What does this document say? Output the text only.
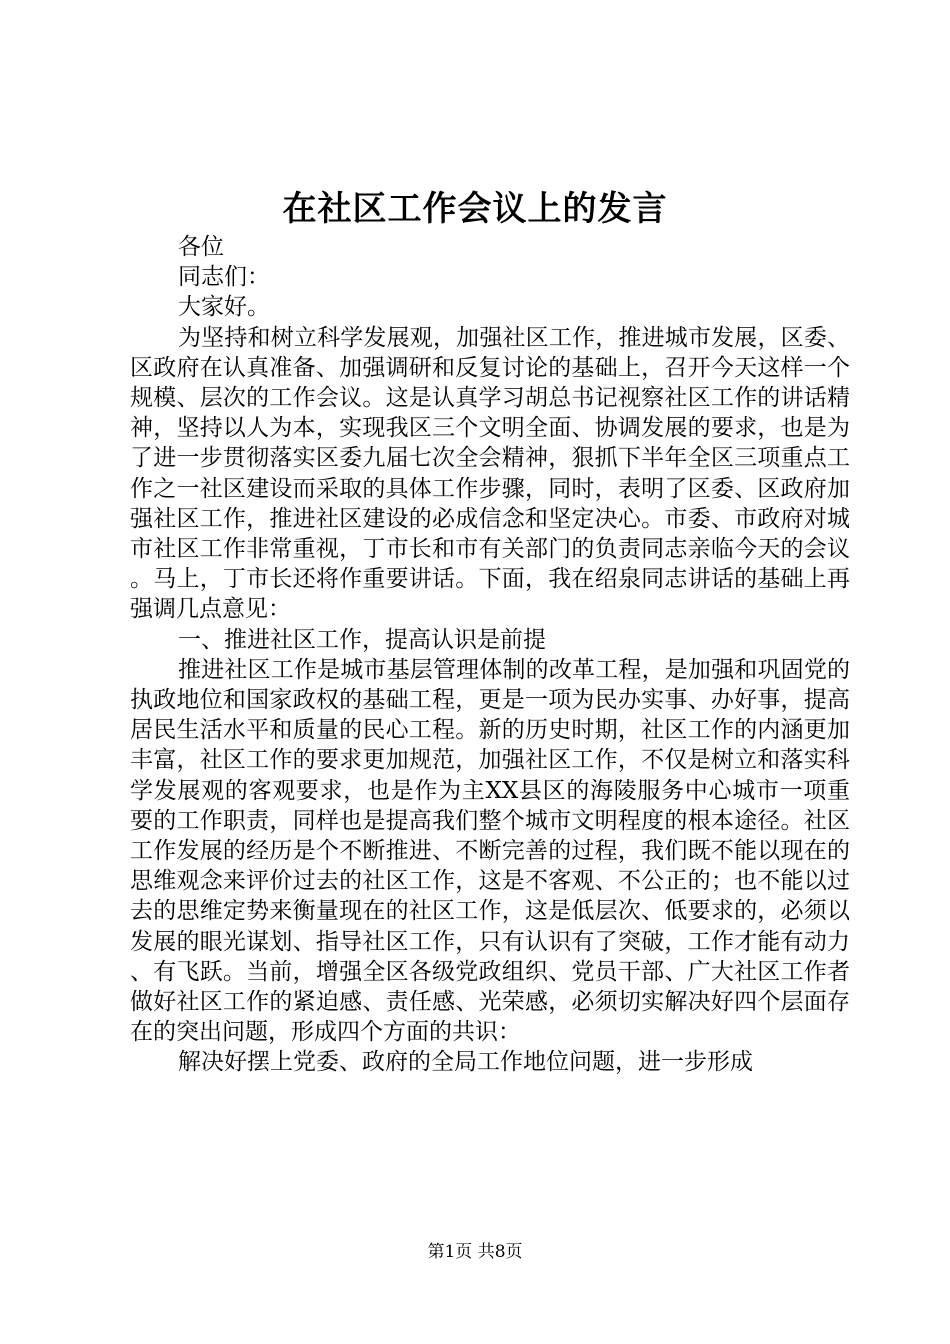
在社区工作会议上的发言

各位

同志们：

大家好。

为坚持和树立科学发展观，加强社区工作，推进城市发展，区委、区政府在认真准备、加强调研和反复讨论的基础上，召开今天这样一个规模、层次的工作会议。这是认真学习胡总书记视察社区工作的讲话精神，坚持以人为本，实现我区三个文明全面、协调发展的要求，也是为了进一步贯彻落实区委九届七次全会精神，狠抓下半年全区三项重点工作之一社区建设而采取的具体工作步骤，同时，表明了区委、区政府加强社区工作，推进社区建设的必成信念和坚定决心。市委、市政府对城市社区工作非常重视，丁市长和市有关部门的负责同志亲临今天的会议。马上，丁市长还将作重要讲话。下面，我在绍泉同志讲话的基础上再强调几点意见：

一、推进社区工作，提高认识是前提

推进社区工作是城市基层管理体制的改革工程，是加强和巩固党的执政地位和国家政权的基础工程，更是一项为民办实事、办好事，提高居民生活水平和质量的民心工程。新的历史时期，社区工作的内涵更加丰富，社区工作的要求更加规范，加强社区工作，不仅是树立和落实科学发展观的客观要求，也是作为主XX县区的海陵服务中心城市一项重要的工作职责，同样也是提高我们整个城市文明程度的根本途径。社区工作发展的经历是个不断推进、不断完善的过程，我们既不能以现在的思维观念来评价过去的社区工作，这是不客观、不公正的；也不能以过去的思维定势来衡量现在的社区工作，这是低层次、低要求的，必须以发展的眼光谋划、指导社区工作，只有认识有了突破，工作才能有动力、有飞跃。当前，增强全区各级党政组织、党员干部、广大社区工作者做好社区工作的紧迫感、责任感、光荣感，必须切实解决好四个层面存在的突出问题，形成四个方面的共识：

解决好摆上党委、政府的全局工作地位问题，进一步形成

第1页 共8页
